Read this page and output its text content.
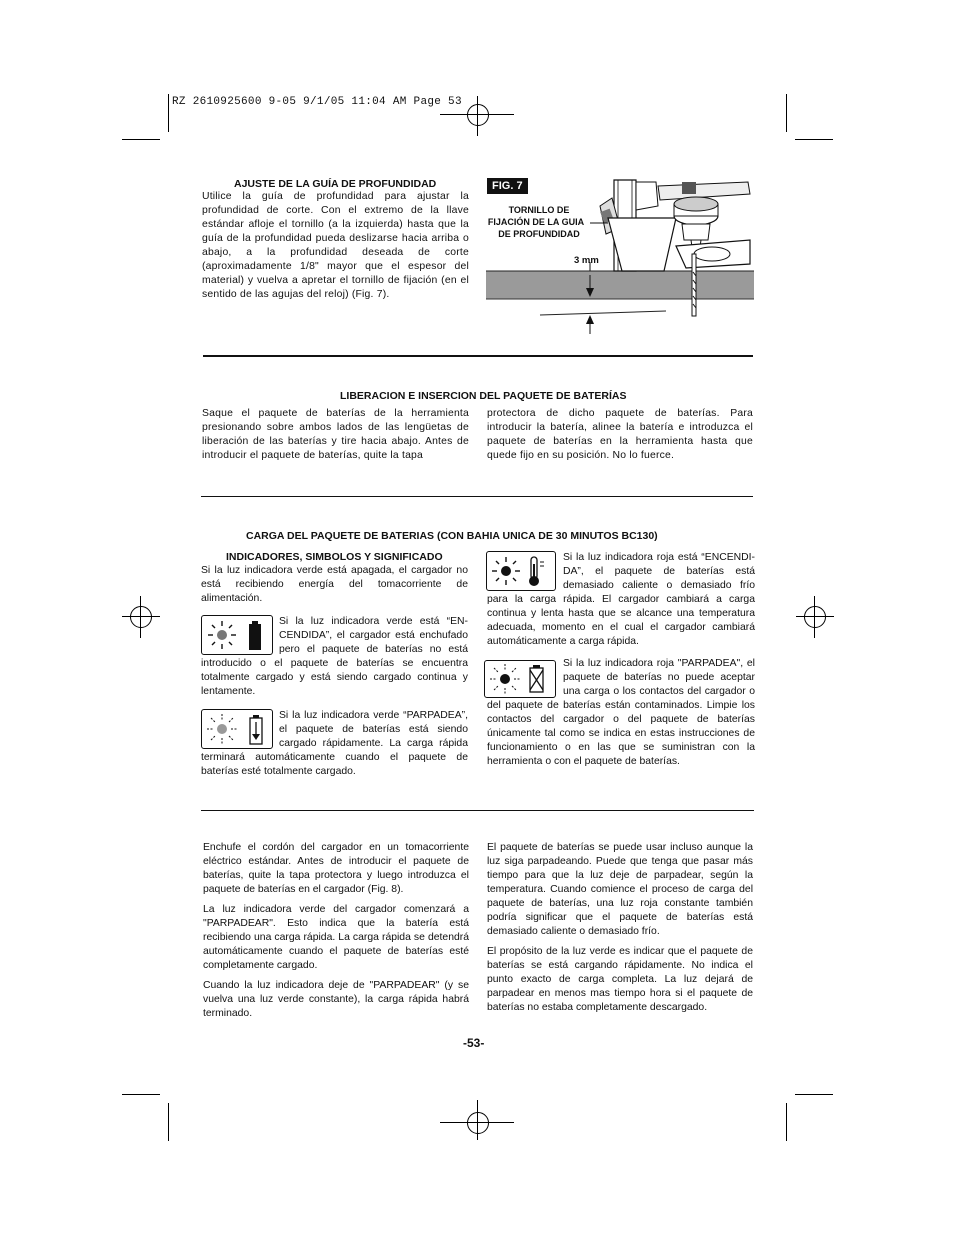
RZ 2610925600 9-05 9/1/05 11:04 AM Page 53
AJUSTE DE LA GUÍA DE PROFUNDIDAD
Utilice la guía de profundidad para ajustar la profundidad de corte. Con el extremo de la llave estándar afloje el tornillo (a la izquierda) hasta que la guía de la profundidad pueda deslizarse hacia arriba o abajo, a la profundidad deseada de corte (aproximadamente 1/8" mayor que el espesor del material) y vuelva a apretar el tornillo de fijación (en el sentido de las agujas del reloj) (Fig. 7).
FIG. 7
TORNILLO DE
FIJACIÓN DE LA GUIA
DE PROFUNDIDAD
3 mm
LIBERACION E INSERCION DEL PAQUETE DE BATERÍAS
Saque el paquete de baterías de la herramienta presionando sobre ambos lados de las lengüetas de liberación de las baterías y tire hacia abajo. Antes de introducir el paquete de baterías, quite la tapa
protectora de dicho paquete de baterías. Para introducir la batería, alinee la batería e introduzca el paquete de baterías en la herramienta hasta que quede fijo en su posición. No lo fuerce.
CARGA DEL PAQUETE DE BATERIAS (CON BAHIA UNICA DE 30 MINUTOS BC130)
INDICADORES, SIMBOLOS Y SIGNIFICADO
Si la luz indicadora verde está apagada, el cargador no está recibiendo energía del tomacorriente de alimentación.
Si la luz indicadora verde está “EN-CENDIDA”, el cargador está enchufado pero el paquete de baterías no está introducido o el paquete de baterías se encuentra totalmente cargado y está siendo cargado continua y lentamente.
Si la luz indicadora verde “PARPADEA”, el paquete de baterías está siendo cargado rápidamente. La carga rápida terminará automáticamente cuando el paquete de baterías esté totalmente cargado.
Si la luz indicadora roja está “ENCENDI-DA”, el paquete de baterías está demasiado caliente o demasiado frío para la carga rápida. El cargador cambiará a carga continua y lenta hasta que se alcance una temperatura adecuada, momento en el cual el cargador cambiará automáticamente a carga rápida.
Si la luz indicadora roja "PARPADEA", el paquete de baterías no puede aceptar una carga o los contactos del cargador o del paquete de baterías están contaminados. Limpie los contactos del cargador o del paquete de baterías únicamente tal como se indica en estas instrucciones de funcionamiento o en las que se suministran con la herramienta o con el paquete de baterías.

Enchufe el cordón del cargador en un tomacorriente eléctrico estándar. Antes de introducir el paquete de baterías, quite la tapa protectora y luego introduzca el paquete de baterías en el cargador (Fig. 8).

La luz indicadora verde del cargador comenzará a "PARPADEAR". Esto indica que la batería está recibiendo una carga rápida. La carga rápida se detendrá automáticamente cuando el paquete de baterías esté completamente cargado.

Cuando la luz indicadora deje de "PARPADEAR" (y se vuelva una luz verde constante), la carga rápida habrá terminado.

El paquete de baterías se puede usar incluso aunque la luz siga parpadeando. Puede que tenga que pasar más tiempo para que la luz deje de parpadear, según la temperatura. Cuando comience el proceso de carga del paquete de baterías, una luz roja constante también podría significar que el paquete de baterías está demasiado caliente o demasiado frío.

El propósito de la luz verde es indicar que el paquete de baterías se está cargando rápidamente. No indica el punto exacto de carga completa. La luz dejará de parpadear en menos mas tiempo hora si el paquete de baterías no estaba completamente descargado.

-53-
